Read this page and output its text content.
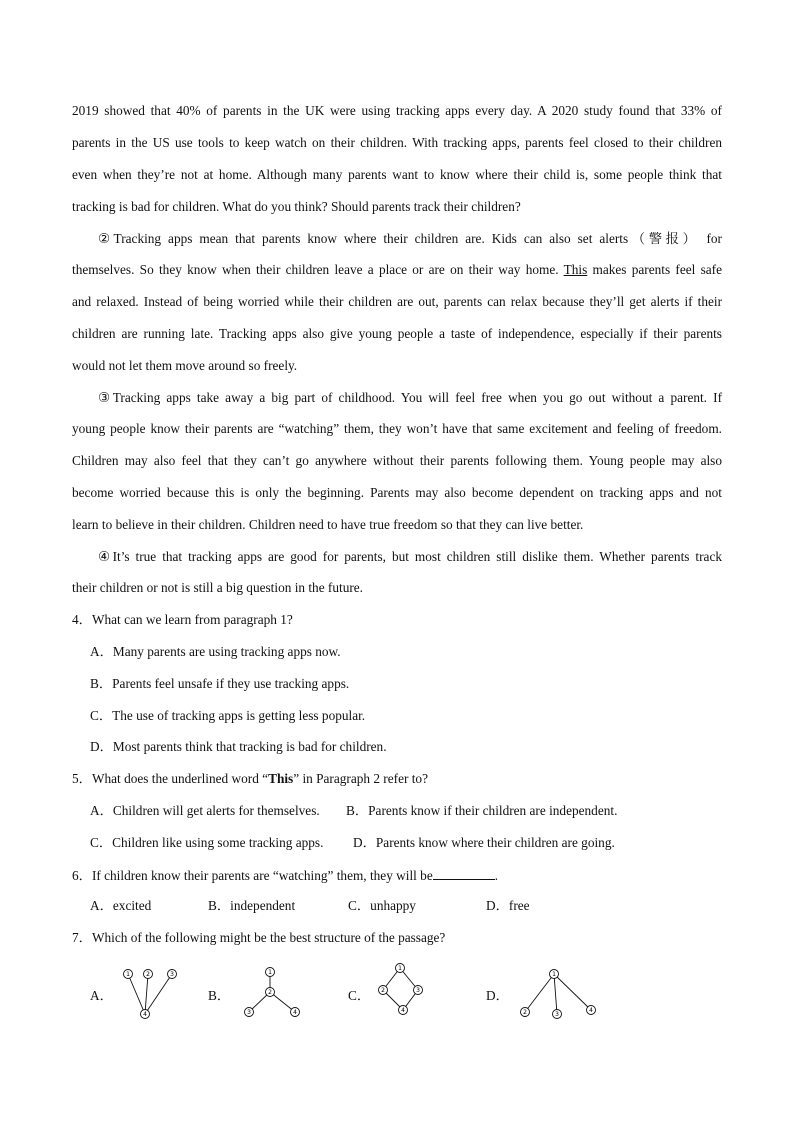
2019 showed that 40% of parents in the UK were using tracking apps every day. A 2020 study found that 33% of
parents in the US use tools to keep watch on their children. With tracking apps, parents feel closed to their children
even when they’re not at home. Although many parents want to know where their child is, some people think that
tracking is bad for children. What do you think? Should parents track their children?
②Tracking apps mean that parents know where their children are. Kids can also set alerts（警报） for
themselves. So they know when their children leave a place or are on their way home. This makes parents feel safe
and relaxed. Instead of being worried while their children are out, parents can relax because they’ll get alerts if their
children are running late. Tracking apps also give young people a taste of independence, especially if their parents
would not let them move around so freely.
③Tracking apps take away a big part of childhood. You will feel free when you go out without a parent. If
young people know their parents are “watching” them, they won’t have that same excitement and feeling of freedom.
Children may also feel that they can’t go anywhere without their parents following them. Young people may also
become worried because this is only the beginning. Parents may also become dependent on tracking apps and not
learn to believe in their children. Children need to have true freedom so that they can live better.
④It’s true that tracking apps are good for parents, but most children still dislike them. Whether parents track
their children or not is still a big question in the future.
4．What can we learn from paragraph 1?
A．Many parents are using tracking apps now.
B．Parents feel unsafe if they use tracking apps.
C．The use of tracking apps is getting less popular.
D．Most parents think that tracking is bad for children.
5．What does the underlined word “This” in Paragraph 2 refer to?
A．Children will get alerts for themselves. B．Parents know if their children are independent.
C．Children like using some tracking apps. D．Parents know where their children are going.
6．If children know their parents are “watching” them, they will be	.
A．excited	B．independent	C．unhappy	D．free
7．Which of the following might be the best structure of the passage?
A．	B．	C．	D．
1	2	3
4
1
2
3	4
1
2	3
4
1
2	3
4
